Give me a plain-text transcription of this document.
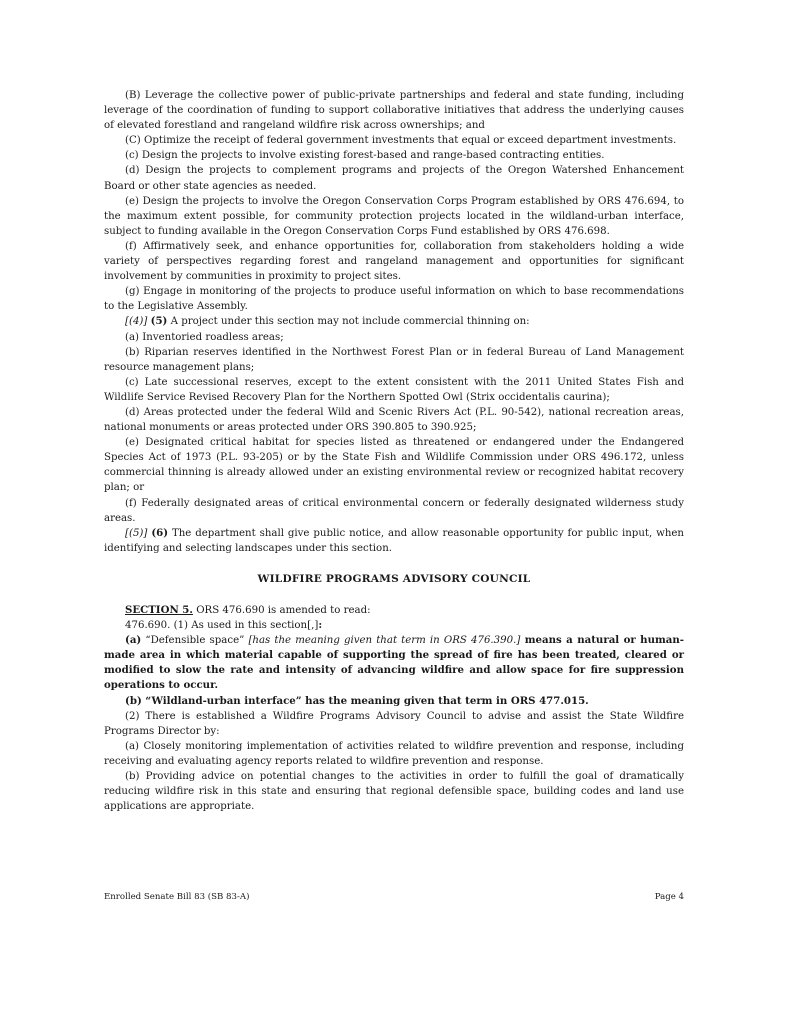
(B) Leverage the collective power of public-private partnerships and federal and state funding, including leverage of the coordination of funding to support collaborative initiatives that address the underlying causes of elevated forestland and rangeland wildfire risk across ownerships; and

(C) Optimize the receipt of federal government investments that equal or exceed department investments.

(c) Design the projects to involve existing forest-based and range-based contracting entities.

(d) Design the projects to complement programs and projects of the Oregon Watershed Enhancement Board or other state agencies as needed.

(e) Design the projects to involve the Oregon Conservation Corps Program established by ORS 476.694, to the maximum extent possible, for community protection projects located in the wildland-urban interface, subject to funding available in the Oregon Conservation Corps Fund established by ORS 476.698.

(f) Affirmatively seek, and enhance opportunities for, collaboration from stakeholders holding a wide variety of perspectives regarding forest and rangeland management and opportunities for significant involvement by communities in proximity to project sites.

(g) Engage in monitoring of the projects to produce useful information on which to base recommendations to the Legislative Assembly.

[(4)] (5) A project under this section may not include commercial thinning on:

(a) Inventoried roadless areas;

(b) Riparian reserves identified in the Northwest Forest Plan or in federal Bureau of Land Management resource management plans;

(c) Late successional reserves, except to the extent consistent with the 2011 United States Fish and Wildlife Service Revised Recovery Plan for the Northern Spotted Owl (Strix occidentalis caurina);

(d) Areas protected under the federal Wild and Scenic Rivers Act (P.L. 90-542), national recreation areas, national monuments or areas protected under ORS 390.805 to 390.925;

(e) Designated critical habitat for species listed as threatened or endangered under the Endangered Species Act of 1973 (P.L. 93-205) or by the State Fish and Wildlife Commission under ORS 496.172, unless commercial thinning is already allowed under an existing environmental review or recognized habitat recovery plan; or

(f) Federally designated areas of critical environmental concern or federally designated wilderness study areas.

[(5)] (6) The department shall give public notice, and allow reasonable opportunity for public input, when identifying and selecting landscapes under this section.

WILDFIRE PROGRAMS ADVISORY COUNCIL

SECTION 5. ORS 476.690 is amended to read:

476.690. (1) As used in this section[,]:

(a) “Defensible space” [has the meaning given that term in ORS 476.390.] means a natural or human-made area in which material capable of supporting the spread of fire has been treated, cleared or modified to slow the rate and intensity of advancing wildfire and allow space for fire suppression operations to occur.

(b) “Wildland-urban interface” has the meaning given that term in ORS 477.015.

(2) There is established a Wildfire Programs Advisory Council to advise and assist the State Wildfire Programs Director by:

(a) Closely monitoring implementation of activities related to wildfire prevention and response, including receiving and evaluating agency reports related to wildfire prevention and response.

(b) Providing advice on potential changes to the activities in order to fulfill the goal of dramatically reducing wildfire risk in this state and ensuring that regional defensible space, building codes and land use applications are appropriate.

Enrolled Senate Bill 83 (SB 83-A)	Page 4
